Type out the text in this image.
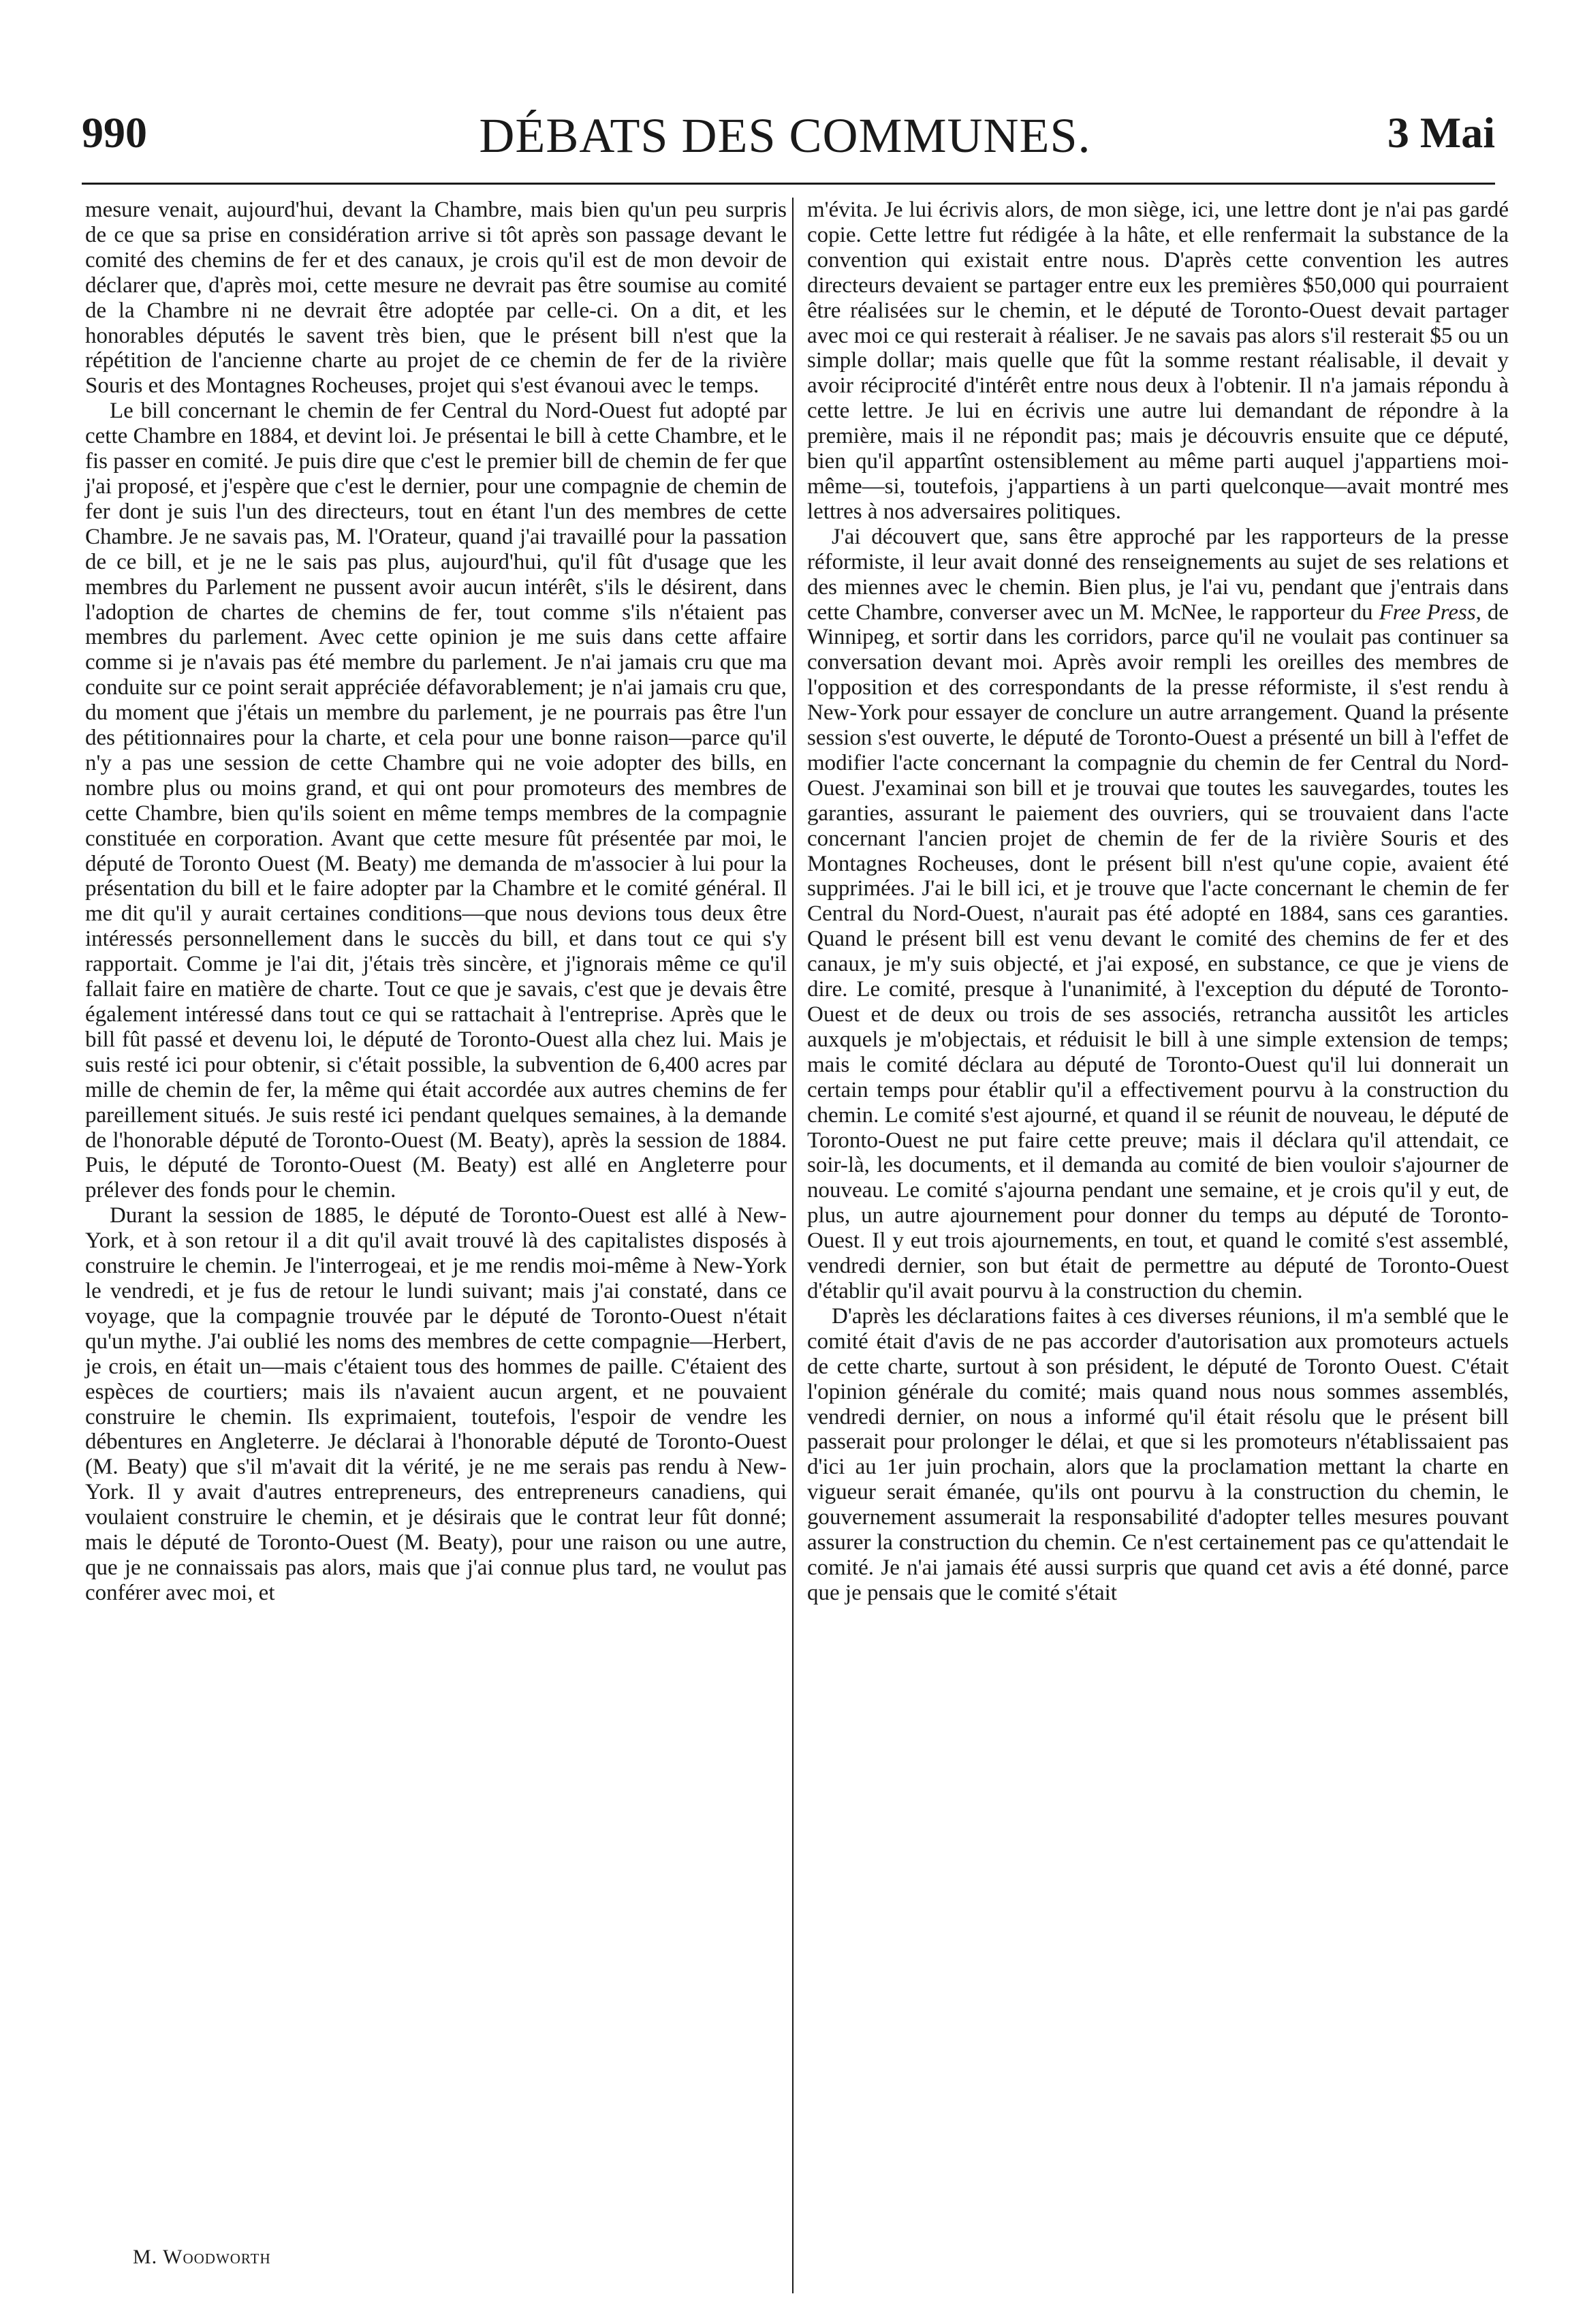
990	DÉBATS DES COMMUNES.	3 Mai

mesure venait, aujourd'hui, devant la Chambre, mais bien qu'un peu surpris de ce que sa prise en considération arrive si tôt après son passage devant le comité des chemins de fer et des canaux, je crois qu'il est de mon devoir de déclarer que, d'après moi, cette mesure ne devrait pas être soumise au comité de la Chambre ni ne devrait être adoptée par celle-ci. On a dit, et les honorables députés le savent très bien, que le présent bill n'est que la répétition de l'ancienne charte au projet de ce chemin de fer de la rivière Souris et des Montagnes Rocheuses, projet qui s'est évanoui avec le temps.

Le bill concernant le chemin de fer Central du Nord-Ouest fut adopté par cette Chambre en 1884, et devint loi. Je présentai le bill à cette Chambre, et le fis passer en comité. Je puis dire que c'est le premier bill de chemin de fer que j'ai proposé, et j'espère que c'est le dernier, pour une compagnie de chemin de fer dont je suis l'un des directeurs, tout en étant l'un des membres de cette Chambre. Je ne savais pas, M. l'Orateur, quand j'ai travaillé pour la passation de ce bill, et je ne le sais pas plus, aujourd'hui, qu'il fût d'usage que les membres du Parlement ne pussent avoir aucun intérêt, s'ils le désirent, dans l'adoption de chartes de chemins de fer, tout comme s'ils n'étaient pas membres du parlement. Avec cette opinion je me suis dans cette affaire comme si je n'avais pas été membre du parlement. Je n'ai jamais cru que ma conduite sur ce point serait appréciée défavorablement; je n'ai jamais cru que, du moment que j'étais un membre du parlement, je ne pourrais pas être l'un des pétitionnaires pour la charte, et cela pour une bonne raison—parce qu'il n'y a pas une session de cette Chambre qui ne voie adopter des bills, en nombre plus ou moins grand, et qui ont pour promoteurs des membres de cette Chambre, bien qu'ils soient en même temps membres de la compagnie constituée en corporation. Avant que cette mesure fût présentée par moi, le député de Toronto Ouest (M. Beaty) me demanda de m'associer à lui pour la présentation du bill et le faire adopter par la Chambre et le comité général. Il me dit qu'il y aurait certaines conditions—que nous devions tous deux être intéressés personnellement dans le succès du bill, et dans tout ce qui s'y rapportait. Comme je l'ai dit, j'étais très sincère, et j'ignorais même ce qu'il fallait faire en matière de charte. Tout ce que je savais, c'est que je devais être également intéressé dans tout ce qui se rattachait à l'entreprise. Après que le bill fût passé et devenu loi, le député de Toronto-Ouest alla chez lui. Mais je suis resté ici pour obtenir, si c'était possible, la subvention de 6,400 acres par mille de chemin de fer, la même qui était accordée aux autres chemins de fer pareillement situés. Je suis resté ici pendant quelques semaines, à la demande de l'honorable député de Toronto-Ouest (M. Beaty), après la session de 1884. Puis, le député de Toronto-Ouest (M. Beaty) est allé en Angleterre pour prélever des fonds pour le chemin.

Durant la session de 1885, le député de Toronto-Ouest est allé à New-York, et à son retour il a dit qu'il avait trouvé là des capitalistes disposés à construire le chemin. Je l'interrogeai, et je me rendis moi-même à New-York le vendredi, et je fus de retour le lundi suivant; mais j'ai constaté, dans ce voyage, que la compagnie trouvée par le député de Toronto-Ouest n'était qu'un mythe. J'ai oublié les noms des membres de cette compagnie—Herbert, je crois, en était un—mais c'étaient tous des hommes de paille. C'étaient des espèces de courtiers; mais ils n'avaient aucun argent, et ne pouvaient construire le chemin. Ils exprimaient, toutefois, l'espoir de vendre les débentures en Angleterre. Je déclarai à l'honorable député de Toronto-Ouest (M. Beaty) que s'il m'avait dit la vérité, je ne me serais pas rendu à New-York. Il y avait d'autres entrepreneurs, des entrepreneurs canadiens, qui voulaient construire le chemin, et je désirais que le contrat leur fût donné; mais le député de Toronto-Ouest (M. Beaty), pour une raison ou une autre, que je ne connaissais pas alors, mais que j'ai connue plus tard, ne voulut pas conférer avec moi, et

m'évita. Je lui écrivis alors, de mon siège, ici, une lettre dont je n'ai pas gardé copie. Cette lettre fut rédigée à la hâte, et elle renfermait la substance de la convention qui existait entre nous. D'après cette convention les autres directeurs devaient se partager entre eux les premières $50,000 qui pourraient être réalisées sur le chemin, et le député de Toronto-Ouest devait partager avec moi ce qui resterait à réaliser. Je ne savais pas alors s'il resterait $5 ou un simple dollar; mais quelle que fût la somme restant réalisable, il devait y avoir réciprocité d'intérêt entre nous deux à l'obtenir. Il n'a jamais répondu à cette lettre. Je lui en écrivis une autre lui demandant de répondre à la première, mais il ne répondit pas; mais je découvris ensuite que ce député, bien qu'il appartînt ostensiblement au même parti auquel j'appartiens moi-même—si, toutefois, j'appartiens à un parti quelconque—avait montré mes lettres à nos adversaires politiques.

J'ai découvert que, sans être approché par les rapporteurs de la presse réformiste, il leur avait donné des renseignements au sujet de ses relations et des miennes avec le chemin. Bien plus, je l'ai vu, pendant que j'entrais dans cette Chambre, converser avec un M. McNee, le rapporteur du Free Press, de Winnipeg, et sortir dans les corridors, parce qu'il ne voulait pas continuer sa conversation devant moi. Après avoir rempli les oreilles des membres de l'opposition et des correspondants de la presse réformiste, il s'est rendu à New-York pour essayer de conclure un autre arrangement. Quand la présente session s'est ouverte, le député de Toronto-Ouest a présenté un bill à l'effet de modifier l'acte concernant la compagnie du chemin de fer Central du Nord-Ouest. J'examinai son bill et je trouvai que toutes les sauvegardes, toutes les garanties, assurant le paiement des ouvriers, qui se trouvaient dans l'acte concernant l'ancien projet de chemin de fer de la rivière Souris et des Montagnes Rocheuses, dont le présent bill n'est qu'une copie, avaient été supprimées. J'ai le bill ici, et je trouve que l'acte concernant le chemin de fer Central du Nord-Ouest, n'aurait pas été adopté en 1884, sans ces garanties. Quand le présent bill est venu devant le comité des chemins de fer et des canaux, je m'y suis objecté, et j'ai exposé, en substance, ce que je viens de dire. Le comité, presque à l'unanimité, à l'exception du député de Toronto-Ouest et de deux ou trois de ses associés, retrancha aussitôt les articles auxquels je m'objectais, et réduisit le bill à une simple extension de temps; mais le comité déclara au député de Toronto-Ouest qu'il lui donnerait un certain temps pour établir qu'il a effectivement pourvu à la construction du chemin. Le comité s'est ajourné, et quand il se réunit de nouveau, le député de Toronto-Ouest ne put faire cette preuve; mais il déclara qu'il attendait, ce soir-là, les documents, et il demanda au comité de bien vouloir s'ajourner de nouveau. Le comité s'ajourna pendant une semaine, et je crois qu'il y eut, de plus, un autre ajournement pour donner du temps au député de Toronto-Ouest. Il y eut trois ajournements, en tout, et quand le comité s'est assemblé, vendredi dernier, son but était de permettre au député de Toronto-Ouest d'établir qu'il avait pourvu à la construction du chemin.

D'après les déclarations faites à ces diverses réunions, il m'a semblé que le comité était d'avis de ne pas accorder d'autorisation aux promoteurs actuels de cette charte, surtout à son président, le député de Toronto Ouest. C'était l'opinion générale du comité; mais quand nous nous sommes assemblés, vendredi dernier, on nous a informé qu'il était résolu que le présent bill passerait pour prolonger le délai, et que si les promoteurs n'établissaient pas d'ici au 1er juin prochain, alors que la proclamation mettant la charte en vigueur serait émanée, qu'ils ont pourvu à la construction du chemin, le gouvernement assumerait la responsabilité d'adopter telles mesures pouvant assurer la construction du chemin. Ce n'est certainement pas ce qu'attendait le comité. Je n'ai jamais été aussi surpris que quand cet avis a été donné, parce que je pensais que le comité s'était

M. Woodworth
